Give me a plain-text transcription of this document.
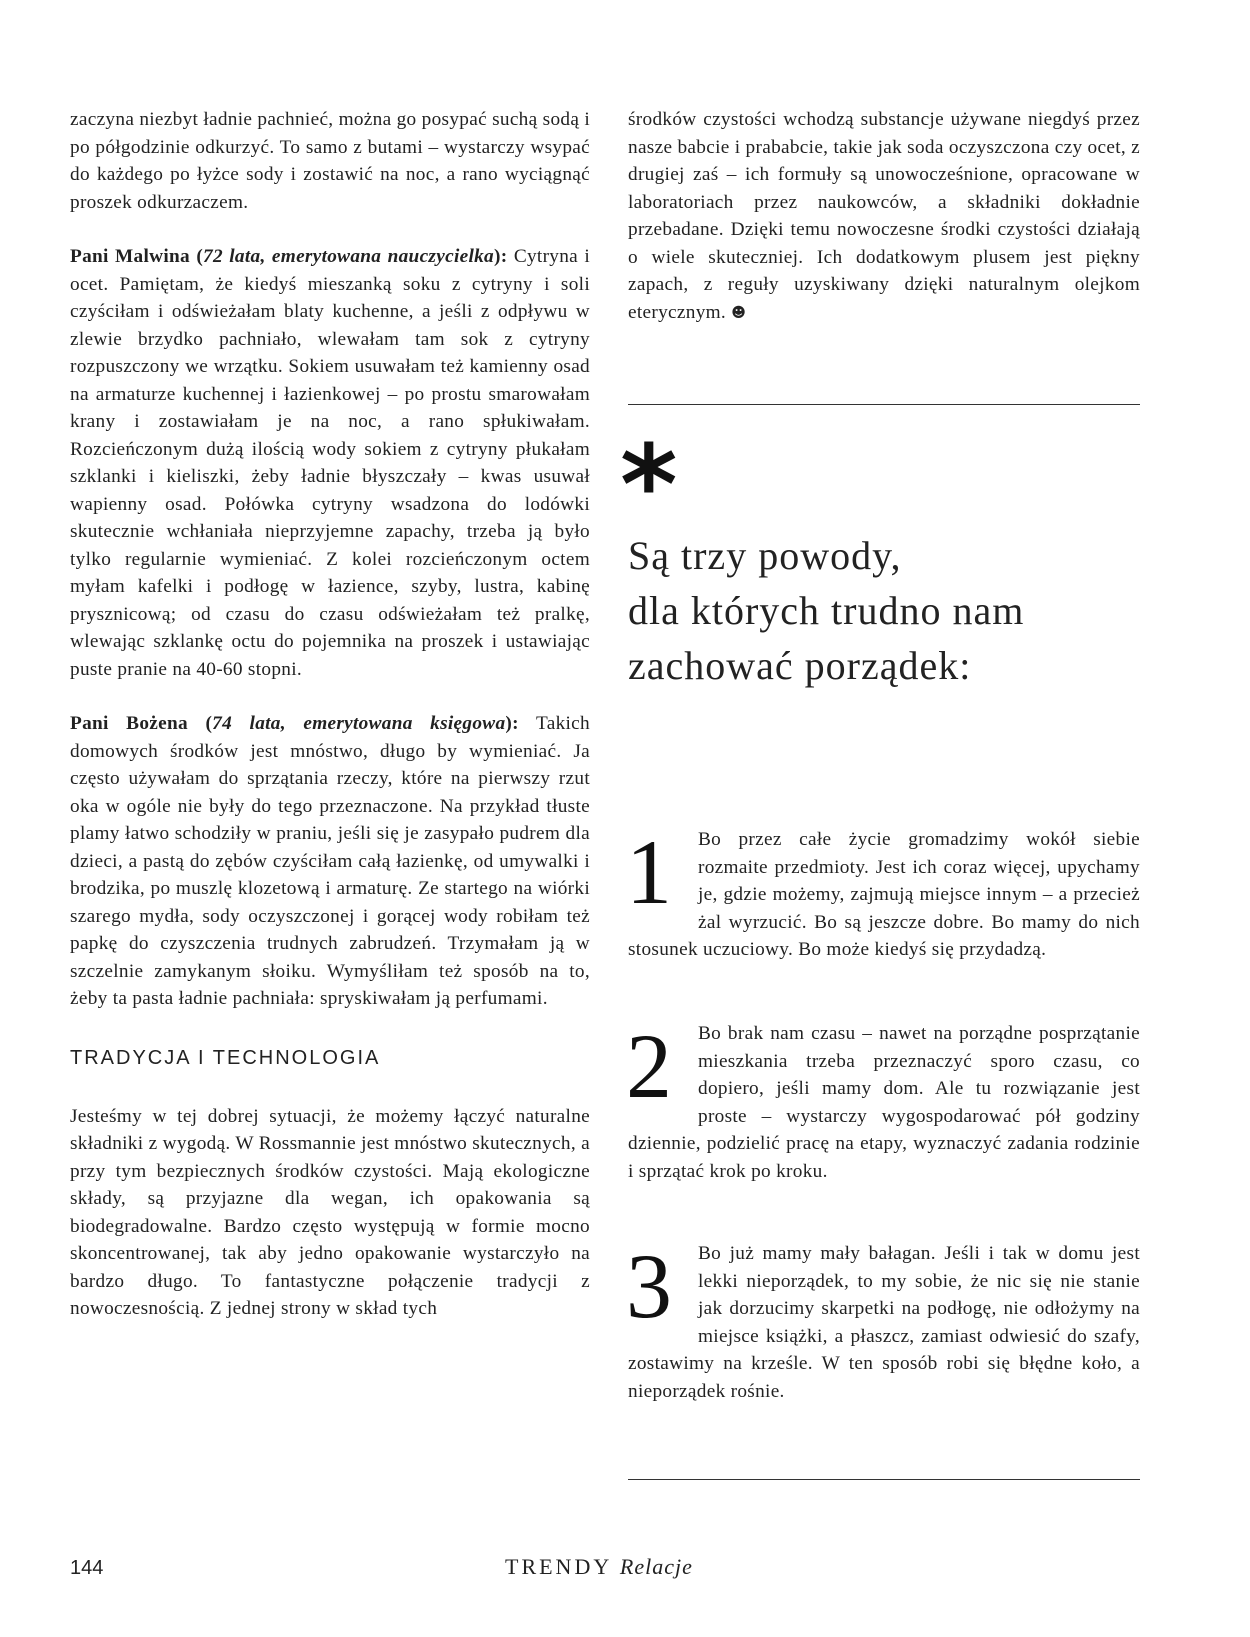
zaczyna niezbyt ładnie pachnieć, można go posypać suchą sodą i po półgodzinie odkurzyć. To samo z butami – wystarczy wsypać do każdego po łyżce sody i zostawić na noc, a rano wyciągnąć proszek odkurzaczem.

Pani Malwina (72 lata, emerytowana nauczycielka): Cytryna i ocet. Pamiętam, że kiedyś mieszanką soku z cytryny i soli czyściłam i odświeżałam blaty kuchenne, a jeśli z odpływu w zlewie brzydko pachniało, wlewałam tam sok z cytryny rozpuszczony we wrzątku. Sokiem usuwałam też kamienny osad na armaturze kuchennej i łazienkowej – po prostu smarowałam krany i zostawiałam je na noc, a rano spłukiwałam. Rozcieńczonym dużą ilością wody sokiem z cytryny płukałam szklanki i kieliszki, żeby ładnie błyszczały – kwas usuwał wapienny osad. Połówka cytryny wsadzona do lodówki skutecznie wchłaniała nieprzyjemne zapachy, trzeba ją było tylko regularnie wymieniać. Z kolei rozcieńczonym octem myłam kafelki i podłogę w łazience, szyby, lustra, kabinę prysznicową; od czasu do czasu odświeżałam też pralkę, wlewając szklankę octu do pojemnika na proszek i ustawiając puste pranie na 40-60 stopni.

Pani Bożena (74 lata, emerytowana księgowa): Takich domowych środków jest mnóstwo, długo by wymieniać. Ja często używałam do sprzątania rzeczy, które na pierwszy rzut oka w ogóle nie były do tego przeznaczone. Na przykład tłuste plamy łatwo schodziły w praniu, jeśli się je zasypało pudrem dla dzieci, a pastą do zębów czyściłam całą łazienkę, od umywalki i brodzika, po muszlę klozetową i armaturę. Ze startego na wiórki szarego mydła, sody oczyszczonej i gorącej wody robiłam też papkę do czyszczenia trudnych zabrudzeń. Trzymałam ją w szczelnie zamykanym słoiku. Wymyśliłam też sposób na to, żeby ta pasta ładnie pachniała: spryskiwałam ją perfumami.

TRADYCJA I TECHNOLOGIA

Jesteśmy w tej dobrej sytuacji, że możemy łączyć naturalne składniki z wygodą. W Rossmannie jest mnóstwo skutecznych, a przy tym bezpiecznych środków czystości. Mają ekologiczne składy, są przyjazne dla wegan, ich opakowania są biodegradowalne. Bardzo często występują w formie mocno skoncentrowanej, tak aby jedno opakowanie wystarczyło na bardzo długo. To fantastyczne połączenie tradycji z nowoczesnością. Z jednej strony w skład tych

środków czystości wchodzą substancje używane niegdyś przez nasze babcie i prababcie, takie jak soda oczyszczona czy ocet, z drugiej zaś – ich formuły są unowocześnione, opracowane w laboratoriach przez naukowców, a składniki dokładnie przebadane. Dzięki temu nowoczesne środki czystości działają o wiele skuteczniej. Ich dodatkowym plusem jest piękny zapach, z reguły uzyskiwany dzięki naturalnym olejkom eterycznym. ☻

*
Są trzy powody,
dla których trudno nam
zachować porządek:
1	Bo przez całe życie gromadzimy wokół siebie rozmaite przedmioty. Jest ich coraz więcej, upychamy je, gdzie możemy, zajmują miejsce innym – a przecież żal wyrzucić. Bo są jeszcze dobre. Bo mamy do nich stosunek uczuciowy. Bo może kiedyś się przydadzą.

2	Bo brak nam czasu – nawet na porządne posprzątanie mieszkania trzeba przeznaczyć sporo czasu, co dopiero, jeśli mamy dom. Ale tu rozwiązanie jest proste – wystarczy wygospodarować pół godziny dziennie, podzielić pracę na etapy, wyznaczyć zadania rodzinie i sprzątać krok po kroku.

3	Bo już mamy mały bałagan. Jeśli i tak w domu jest lekki nieporządek, to my sobie, że nic się nie stanie jak dorzucimy skarpetki na podłogę, nie odłożymy na miejsce książki, a płaszcz, zamiast odwiesić do szafy, zostawimy na krześle. W ten sposób robi się błędne koło, a nieporządek rośnie.

144	TRENDY Relacje
